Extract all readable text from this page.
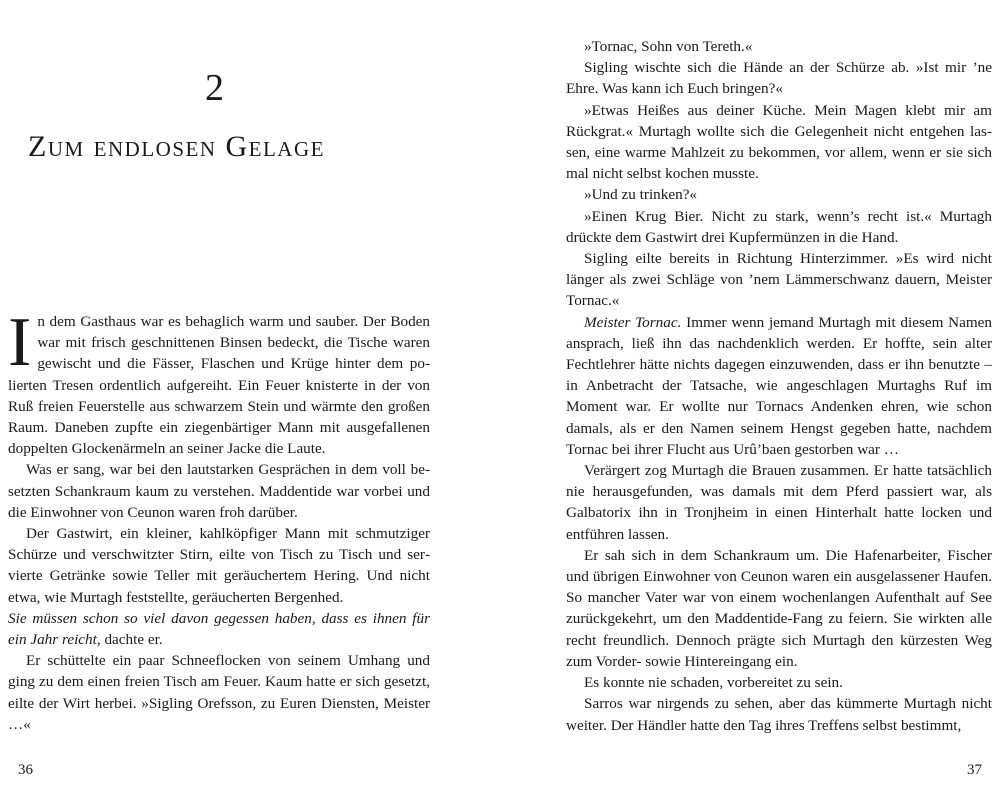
2
Zum endlosen Gelage

In dem Gasthaus war es behaglich warm und sauber. Der Boden war mit frisch geschnittenen Binsen bedeckt, die Tische waren gewischt und die Fässer, Flaschen und Krüge hinter dem polierten Tresen ordentlich aufgereiht. Ein Feuer knisterte in der von Ruß freien Feuerstelle aus schwarzem Stein und wärmte den großen Raum. Daneben zupfte ein ziegenbärtiger Mann mit ausgefallenen doppelten Glockenärmeln an seiner Jacke die Laute.

Was er sang, war bei den lautstarken Gesprächen in dem voll besetzten Schankraum kaum zu verstehen. Maddentide war vorbei und die Einwohner von Ceunon waren froh darüber.

Der Gastwirt, ein kleiner, kahlköpfiger Mann mit schmutziger Schürze und verschwitzter Stirn, eilte von Tisch zu Tisch und servierte Getränke sowie Teller mit geräuchertem Hering. Und nicht etwa, wie Murtagh feststellte, geräucherten Bergenhed.

Sie müssen schon so viel davon gegessen haben, dass es ihnen für ein Jahr reicht, dachte er.

Er schüttelte ein paar Schneeflocken von seinem Umhang und ging zu dem einen freien Tisch am Feuer. Kaum hatte er sich gesetzt, eilte der Wirt herbei. »Sigling Orefsson, zu Euren Diensten, Meister …«

36

»Tornac, Sohn von Tereth.«

Sigling wischte sich die Hände an der Schürze ab. »Ist mir ’ne Ehre. Was kann ich Euch bringen?«

»Etwas Heißes aus deiner Küche. Mein Magen klebt mir am Rückgrat.« Murtagh wollte sich die Gelegenheit nicht entgehen lassen, eine warme Mahlzeit zu bekommen, vor allem, wenn er sie sich mal nicht selbst kochen musste.

»Und zu trinken?«

»Einen Krug Bier. Nicht zu stark, wenn’s recht ist.« Murtagh drückte dem Gastwirt drei Kupfermünzen in die Hand.

Sigling eilte bereits in Richtung Hinterzimmer. »Es wird nicht länger als zwei Schläge von ’nem Lämmerschwanz dauern, Meister Tornac.«

Meister Tornac. Immer wenn jemand Murtagh mit diesem Namen ansprach, ließ ihn das nachdenklich werden. Er hoffte, sein alter Fechtlehrer hätte nichts dagegen einzuwenden, dass er ihn benutzte – in Anbetracht der Tatsache, wie angeschlagen Murtaghs Ruf im Moment war. Er wollte nur Tornacs Andenken ehren, wie schon damals, als er den Namen seinem Hengst gegeben hatte, nachdem Tornac bei ihrer Flucht aus Urû’baen gestorben war …

Verärgert zog Murtagh die Brauen zusammen. Er hatte tatsächlich nie herausgefunden, was damals mit dem Pferd passiert war, als Galbatorix ihn in Tronjheim in einen Hinterhalt hatte locken und entführen lassen.

Er sah sich in dem Schankraum um. Die Hafenarbeiter, Fischer und übrigen Einwohner von Ceunon waren ein ausgelassener Haufen. So mancher Vater war von einem wochenlangen Aufenthalt auf See zurückgekehrt, um den Maddentide-Fang zu feiern. Sie wirkten alle recht freundlich. Dennoch prägte sich Murtagh den kürzesten Weg zum Vorder- sowie Hintereingang ein.

Es konnte nie schaden, vorbereitet zu sein.

Sarros war nirgends zu sehen, aber das kümmerte Murtagh nicht weiter. Der Händler hatte den Tag ihres Treffens selbst bestimmt,

37
